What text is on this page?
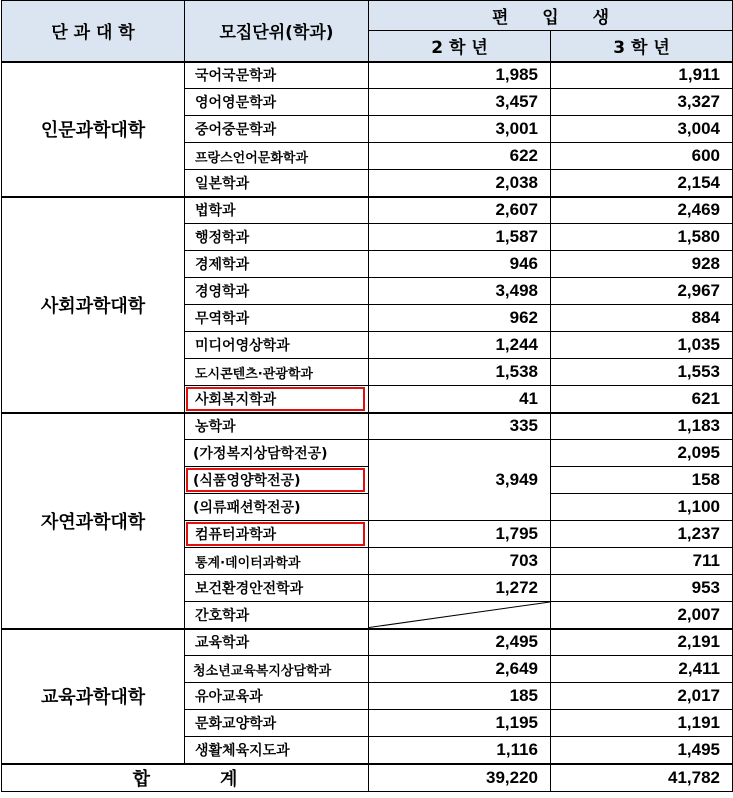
단 과 대 학	모집단위(학과)	편 입 생	
		2 학 년	3 학 년
인문과학대학	국어국문학과	1,985	1,911
	영어영문학과	3,457	3,327
	중어중문학과	3,001	3,004
	프랑스언어문화학과	622	600
	일본학과	2,038	2,154
사회과학대학	법학과	2,607	2,469
	행정학과	1,587	1,580
	경제학과	946	928
	경영학과	3,498	2,967
	무역학과	962	884
	미디어영상학과	1,244	1,035
	도시콘텐츠·관광학과	1,538	1,553
	사회복지학과	41	621
자연과학대학	농학과	335	1,183
	(가정복지상담학전공)	3,949	2,095
	(식품영양학전공)		158
	(의류패션학전공)		1,100
	컴퓨터과학과	1,795	1,237
	통계·데이터과학과	703	711
	보건환경안전학과	1,272	953
	간호학과		2,007
교육과학대학	교육학과	2,495	2,191
	청소년교육복지상담학과	2,649	2,411
	유아교육과	185	2,017
	문화교양학과	1,195	1,191
	생활체육지도과	1,116	1,495
합 계		39,220	41,782
